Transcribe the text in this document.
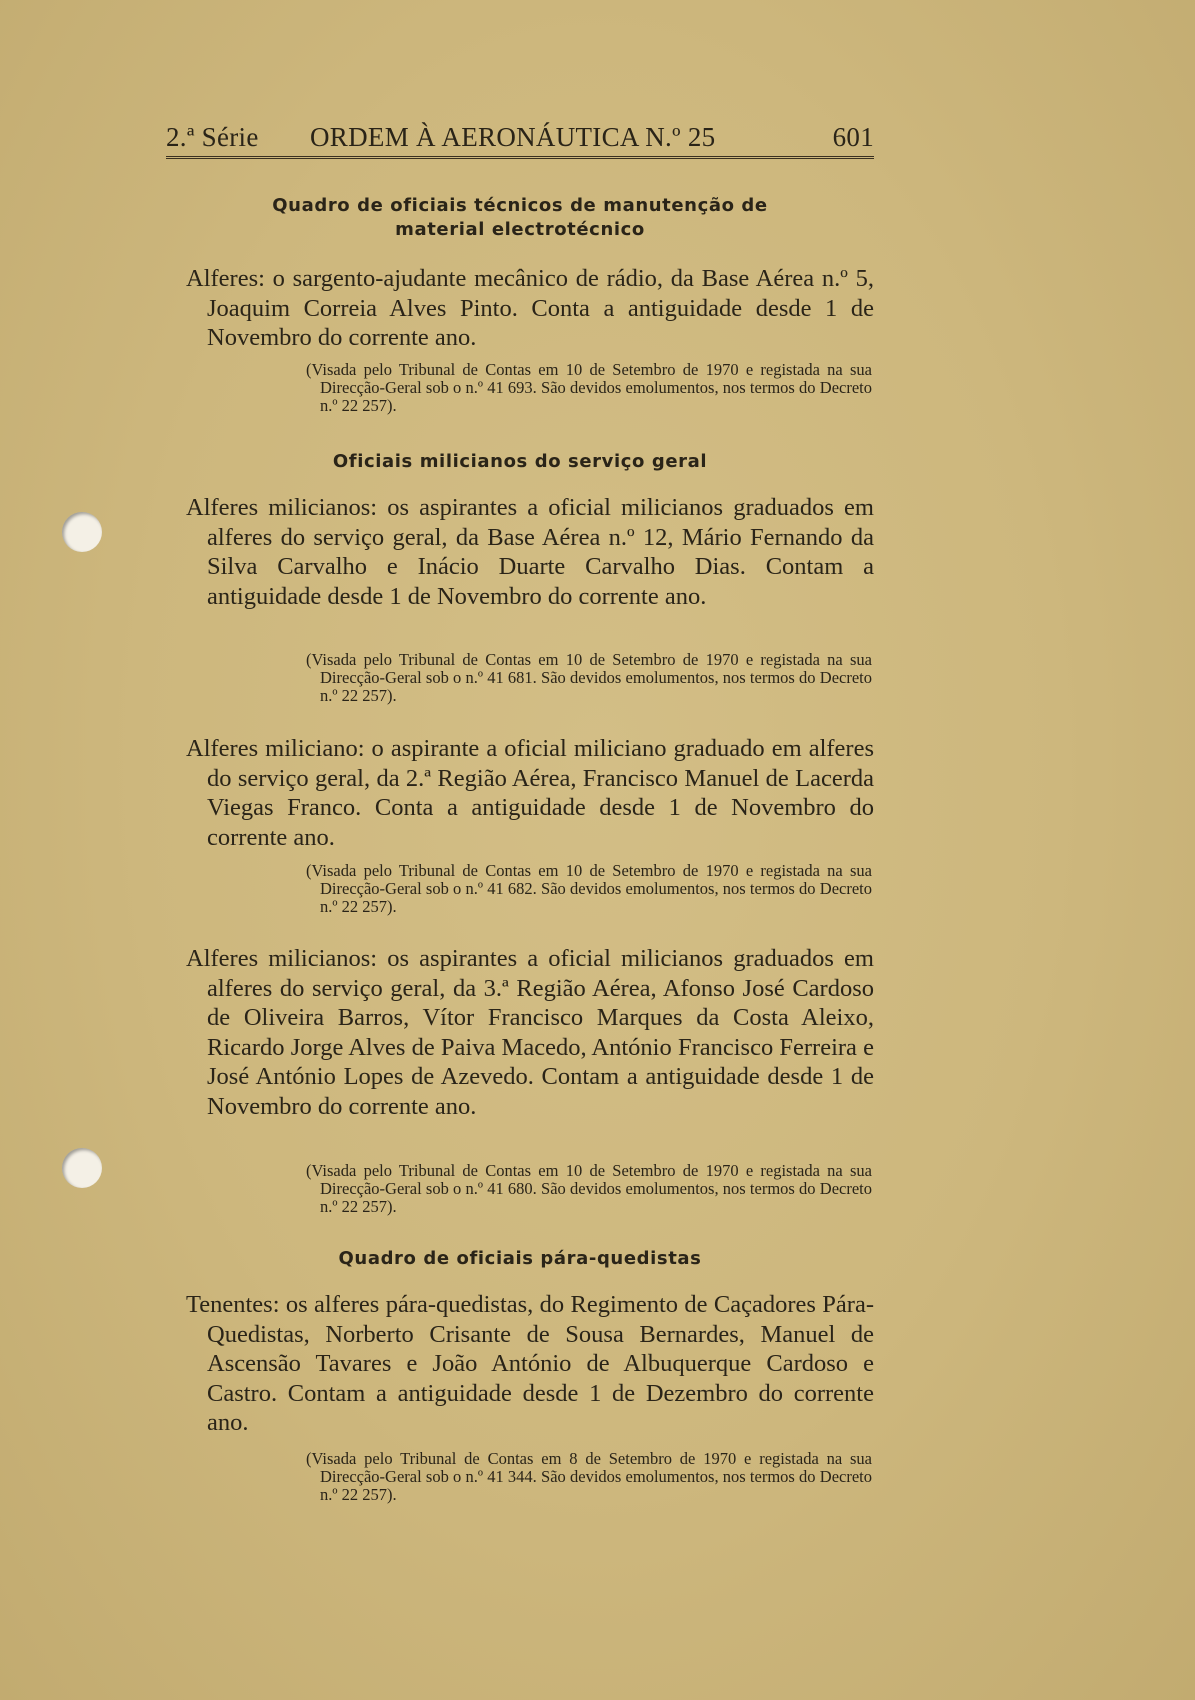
2.ª Série ORDEM À AERONÁUTICA N.º 25	601
Quadro de oficiais técnicos de manutenção de material electrotécnico
Alferes: o sargento-ajudante mecânico de rádio, da Base Aérea n.º 5, Joaquim Correia Alves Pinto. Conta a antiguidade desde 1 de Novembro do corrente ano.
(Visada pelo Tribunal de Contas em 10 de Setembro de 1970 e registada na sua Direcção-Geral sob o n.º 41 693. São devidos emolumentos, nos termos do Decreto n.º 22 257).
Oficiais milicianos do serviço geral
Alferes milicianos: os aspirantes a oficial milicianos graduados em alferes do serviço geral, da Base Aérea n.º 12, Mário Fernando da Silva Carvalho e Inácio Duarte Carvalho Dias. Contam a antiguidade desde 1 de Novembro do corrente ano.
(Visada pelo Tribunal de Contas em 10 de Setembro de 1970 e registada na sua Direcção-Geral sob o n.º 41 681. São devidos emolumentos, nos termos do Decreto n.º 22 257).
Alferes miliciano: o aspirante a oficial miliciano graduado em alferes do serviço geral, da 2.ª Região Aérea, Francisco Manuel de Lacerda Viegas Franco. Conta a antiguidade desde 1 de Novembro do corrente ano.
(Visada pelo Tribunal de Contas em 10 de Setembro de 1970 e registada na sua Direcção-Geral sob o n.º 41 682. São devidos emolumentos, nos termos do Decreto n.º 22 257).
Alferes milicianos: os aspirantes a oficial milicianos graduados em alferes do serviço geral, da 3.ª Região Aérea, Afonso José Cardoso de Oliveira Barros, Vítor Francisco Marques da Costa Aleixo, Ricardo Jorge Alves de Paiva Macedo, António Francisco Ferreira e José António Lopes de Azevedo. Contam a antiguidade desde 1 de Novembro do corrente ano.
(Visada pelo Tribunal de Contas em 10 de Setembro de 1970 e registada na sua Direcção-Geral sob o n.º 41 680. São devidos emolumentos, nos termos do Decreto n.º 22 257).
Quadro de oficiais pára-quedistas
Tenentes: os alferes pára-quedistas, do Regimento de Caçadores Pára-Quedistas, Norberto Crisante de Sousa Bernardes, Manuel de Ascensão Tavares e João António de Albuquerque Cardoso e Castro. Contam a antiguidade desde 1 de Dezembro do corrente ano.
(Visada pelo Tribunal de Contas em 8 de Setembro de 1970 e registada na sua Direcção-Geral sob o n.º 41 344. São devidos emolumentos, nos termos do Decreto n.º 22 257).
